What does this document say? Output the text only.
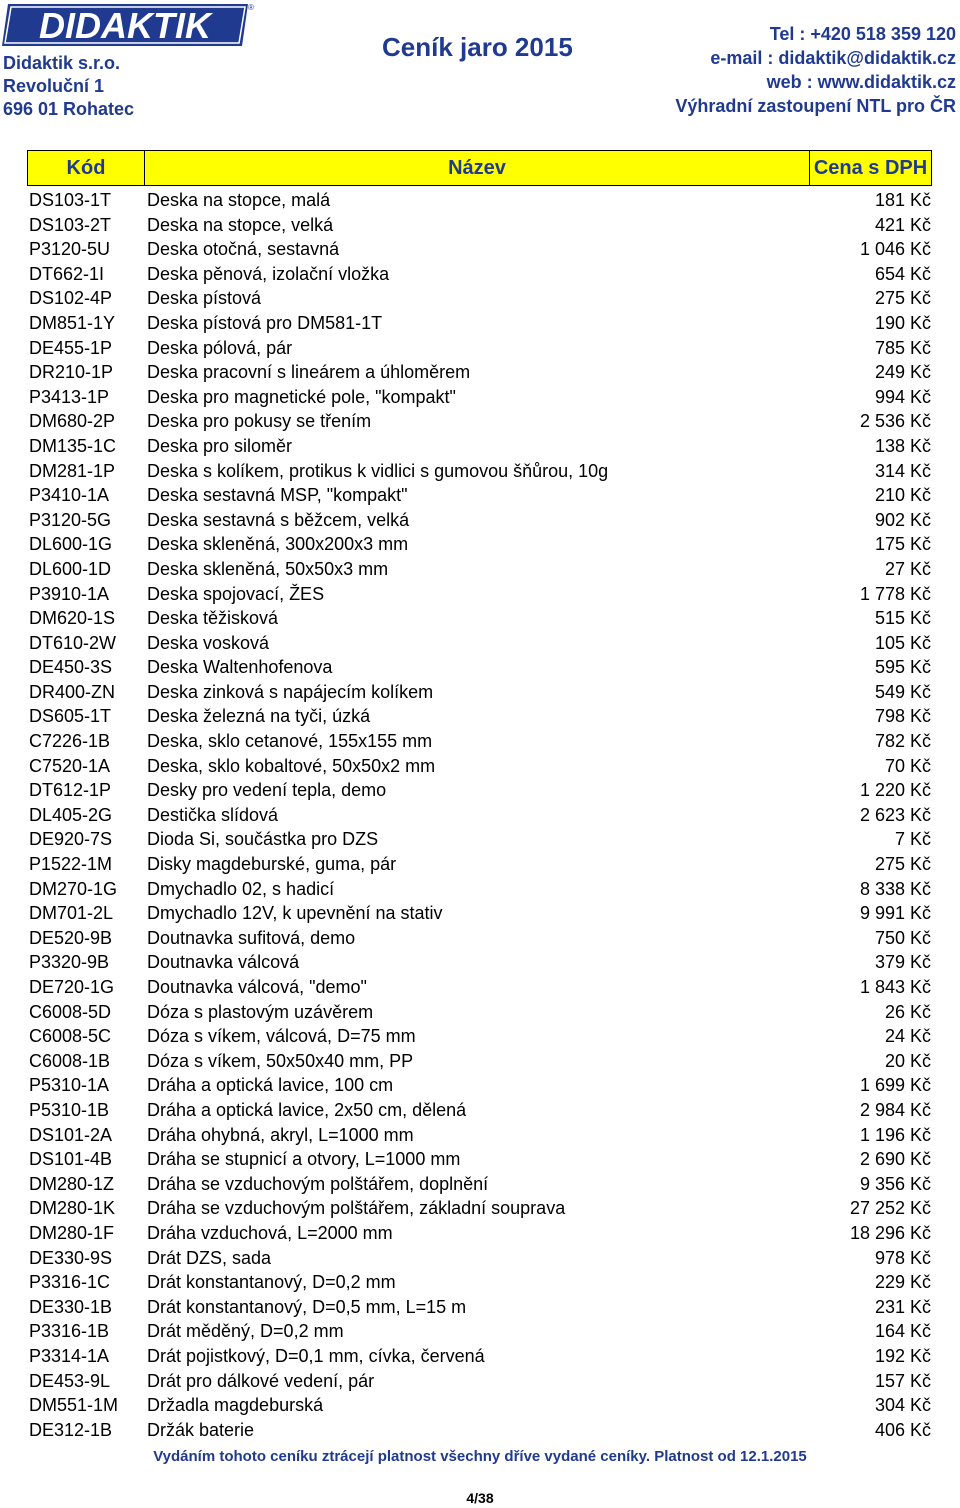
DIDAKTIK	®
Didaktik s.r.o.
Revoluční 1
696 01 Rohatec
Ceník jaro 2015	Tel : +420 518 359 120
e-mail : didaktik@didaktik.cz
web : www.didaktik.cz
Výhradní zastoupení NTL pro ČR
Kód	Název	Cena s DPH
DS103-1T Deska na stopce, malá	181 Kč
DS103-2T Deska na stopce, velká	421 Kč
P3120-5U Deska otočná, sestavná	1 046 Kč
DT662-1I Deska pěnová, izolační vložka	654 Kč
DS102-4P Deska pístová	275 Kč
DM851-1Y Deska pístová pro DM581-1T	190 Kč
DE455-1P Deska pólová, pár	785 Kč
DR210-1P Deska pracovní s lineárem a úhloměrem	249 Kč
P3413-1P Deska pro magnetické pole, "kompakt"	994 Kč
DM680-2P Deska pro pokusy se třením	2 536 Kč
DM135-1C Deska pro siloměr	138 Kč
DM281-1P Deska s kolíkem, protikus k vidlici s gumovou šňůrou, 10g	314 Kč
P3410-1A Deska sestavná MSP, "kompakt"	210 Kč
P3120-5G Deska sestavná s běžcem, velká	902 Kč
DL600-1G Deska skleněná, 300x200x3 mm	175 Kč
DL600-1D Deska skleněná, 50x50x3 mm	27 Kč
P3910-1A Deska spojovací, ŽES	1 778 Kč
DM620-1S Deska těžisková	515 Kč
DT610-2W Deska vosková	105 Kč
DE450-3S Deska Waltenhofenova	595 Kč
DR400-ZN Deska zinková s napájecím kolíkem	549 Kč
DS605-1T Deska železná na tyči, úzká	798 Kč
C7226-1B Deska, sklo cetanové, 155x155 mm	782 Kč
C7520-1A Deska, sklo kobaltové, 50x50x2 mm	70 Kč
DT612-1P Desky pro vedení tepla, demo	1 220 Kč
DL405-2G Destička slídová	2 623 Kč
DE920-7S Dioda Si, součástka pro DZS	7 Kč
P1522-1M Disky magdeburské, guma, pár	275 Kč
DM270-1G Dmychadlo 02, s hadicí	8 338 Kč
DM701-2L Dmychadlo 12V, k upevnění na stativ	9 991 Kč
DE520-9B Doutnavka sufitová, demo	750 Kč
P3320-9B Doutnavka válcová	379 Kč
DE720-1G Doutnavka válcová, "demo"	1 843 Kč
C6008-5D Dóza s plastovým uzávěrem	26 Kč
C6008-5C Dóza s víkem, válcová, D=75 mm	24 Kč
C6008-1B Dóza s víkem, 50x50x40 mm, PP	20 Kč
P5310-1A Dráha a optická lavice, 100 cm	1 699 Kč
P5310-1B Dráha a optická lavice, 2x50 cm, dělená	2 984 Kč
DS101-2A Dráha ohybná, akryl, L=1000 mm	1 196 Kč
DS101-4B Dráha se stupnicí a otvory, L=1000 mm	2 690 Kč
DM280-1Z Dráha se vzduchovým polštářem, doplnění	9 356 Kč
DM280-1K Dráha se vzduchovým polštářem, základní souprava	27 252 Kč
DM280-1F Dráha vzduchová, L=2000 mm	18 296 Kč
DE330-9S Drát DZS, sada	978 Kč
P3316-1C Drát konstantanový, D=0,2 mm	229 Kč
DE330-1B Drát konstantanový, D=0,5 mm, L=15 m	231 Kč
P3316-1B Drát měděný, D=0,2 mm	164 Kč
P3314-1A Drát pojistkový, D=0,1 mm, cívka, červená	192 Kč
DE453-9L Drát pro dálkové vedení, pár	157 Kč
DM551-1M Držadla magdeburská	304 Kč
DE312-1B Držák baterie	406 Kč
Vydáním tohoto ceníku ztrácejí platnost všechny dříve vydané ceníky. Platnost od 12.1.2015
4/38
